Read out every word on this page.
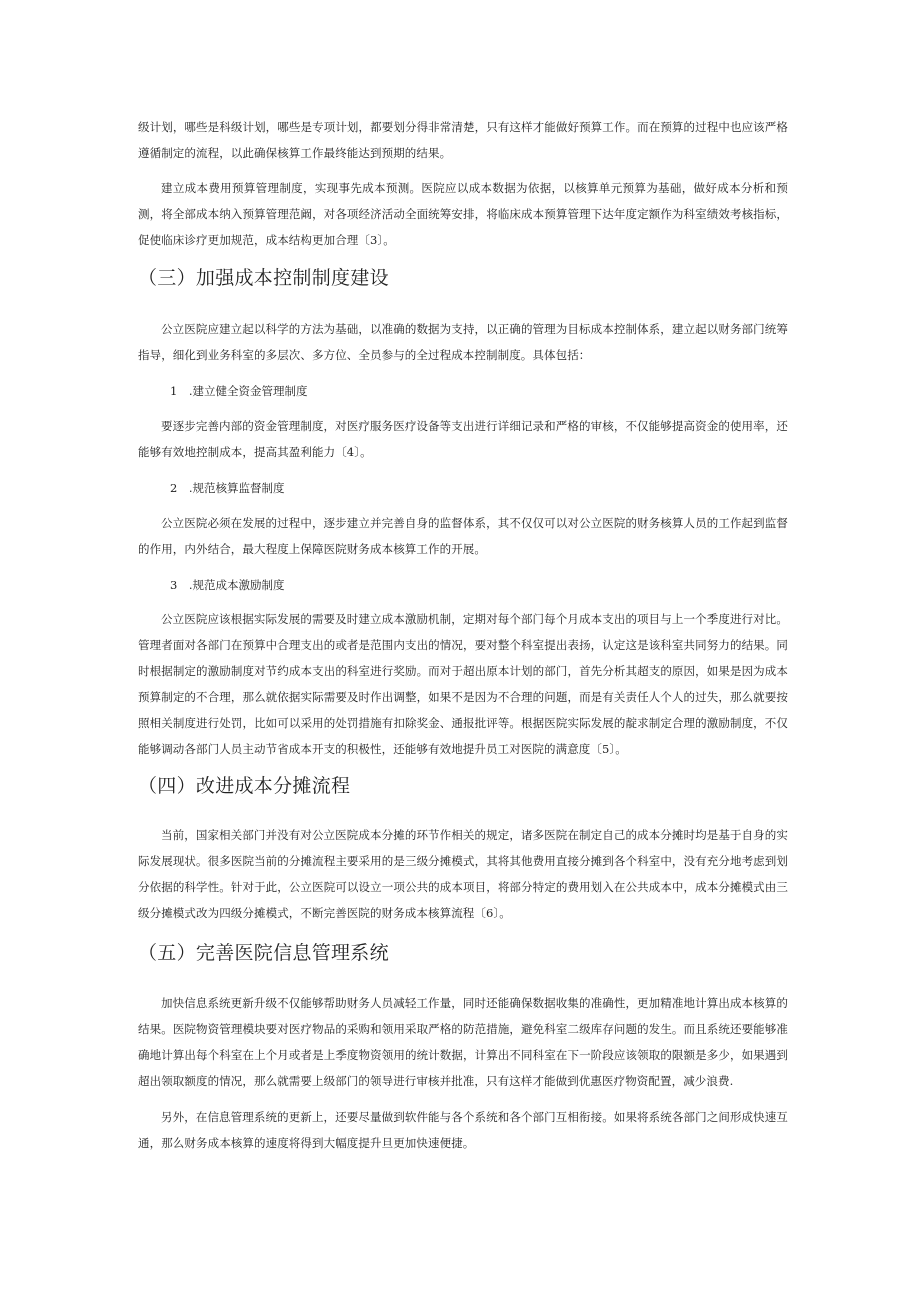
级计划，哪些是科级计划，哪些是专项计划，都要划分得非常清楚，只有这样才能做好预算工作。而在预算的过程中也应该严格遵循制定的流程，以此确保核算工作最终能达到预期的结果。

建立成本费用预算管理制度，实现事先成本预测。医院应以成本数据为依据，以核算单元预算为基础，做好成本分析和预测，将全部成本纳入预算管理范阚，对各项经济活动全面统筹安排，将临床成本预算管理下达年度定额作为科室绩效考核指标，促使临床诊疗更加规范，成本结构更加合理〔3〕。

（三）加强成本控制制度建设

公立医院应建立起以科学的方法为基础，以准确的数据为支持，以正确的管理为目标成本控制体系，建立起以财务部门统筹指导，细化到业务科室的多层次、多方位、全员参与的全过程成本控制制度。具体包括：

1　.建立健全资金管理制度

要逐步完善内部的资金管理制度，对医疗服务医疗设备等支出进行详细记录和严格的审核，不仅能够提高资金的使用率，还能够有效地控制成本，提高其盈利能力〔4〕。

2　.规范核算监督制度

公立医院必须在发展的过程中，逐步建立并完善自身的监督体系，其不仅仅可以对公立医院的财务核算人员的工作起到监督的作用，内外结合，最大程度上保障医院财务成本核算工作的开展。

3　.规范成本激励制度

公立医院应该根据实际发展的需要及时建立成本激励机制，定期对每个部门每个月成本支出的项目与上一个季度进行对比。管理者面对各部门在预算中合理支出的或者是范围内支出的情况，要对整个科室提出表扬，认定这是该科室共同努力的结果。同时根据制定的激励制度对节约成本支出的科室进行奖励。而对于超出原本计划的部门，首先分析其超支的原因，如果是因为成本预算制定的不合理，那么就依据实际需要及时作出调整，如果不是因为不合理的问题，而是有关责任人个人的过失，那么就要按照相关制度进行处罚，比如可以采用的处罚措施有扣除奖金、通报批评等。根据医院实际发展的靛求制定合理的激励制度，不仅能够调动各部门人员主动节省成本开支的积极性，还能够有效地提升员工对医院的满意度〔5〕。

（四）改进成本分摊流程

当前，国家相关部门并没有对公立医院成本分摊的环节作相关的规定，诸多医院在制定自己的成本分摊时均是基于自身的实际发展现状。很多医院当前的分摊流程主要采用的是三级分摊模式，其将其他费用直接分摊到各个科室中，没有充分地考虑到划分依据的科学性。针对于此，公立医院可以设立一项公共的成本项目，将部分特定的费用划入在公共成本中，成本分摊模式由三级分摊模式改为四级分摊模式，不断完善医院的财务成本核算流程〔6〕。

（五）完善医院信息管理系统

加快信息系统更新升级不仅能够帮助财务人员减轻工作量，同时还能确保数据收集的准确性，更加精准地计算出成本核算的结果。医院物资管理模块要对医疗物品的采购和领用采取严格的防范措施，避免科室二级库存问题的发生。而且系统还要能够准确地计算出每个科室在上个月或者是上季度物资领用的统计数据，计算出不同科室在下一阶段应该领取的限额是多少，如果遇到超出领取额度的情况，那么就需要上级部门的领导进行审核并批准，只有这样才能做到优惠医疗物资配置，减少浪费.

另外，在信息管理系统的更新上，还要尽量做到软件能与各个系统和各个部门互相衔接。如果将系统各部门之间形成快速互通，那么财务成本核算的速度将得到大幅度提升旦更加快速便捷。
